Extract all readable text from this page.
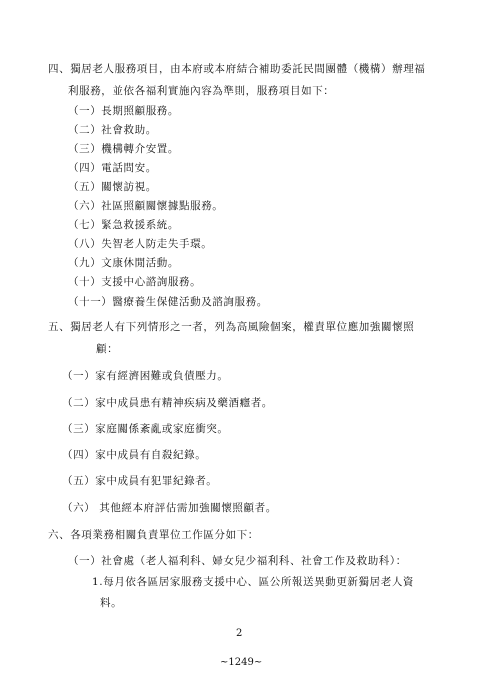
四、獨居老人服務項目，由本府或本府結合補助委託民間團體（機構）辦理福
利服務，並依各福利實施內容為準則，服務項目如下：
（一）長期照顧服務。
（二）社會救助。
（三）機構轉介安置。
（四）電話問安。
（五）關懷訪視。
（六）社區照顧關懷據點服務。
（七）緊急救援系統。
（八）失智老人防走失手環。
（九）文康休閒活動。
（十）支援中心諮詢服務。
（十一）醫療養生保健活動及諮詢服務。
五、獨居老人有下列情形之一者，列為高風險個案，權責單位應加強關懷照
顧：
（一）家有經濟困難或負債壓力。
（二）家中成員患有精神疾病及藥酒癮者。
（三）家庭關係紊亂或家庭衝突。
（四）家中成員有自殺紀錄。
（五）家中成員有犯罪紀錄者。
（六） 其他經本府評估需加強關懷照顧者。
六、各項業務相關負責單位工作區分如下：
（一）社會處（老人福利科、婦女兒少福利科、社會工作及救助科）：
1.每月依各區居家服務支援中心、區公所報送異動更新獨居老人資
料。
2
~1249~
